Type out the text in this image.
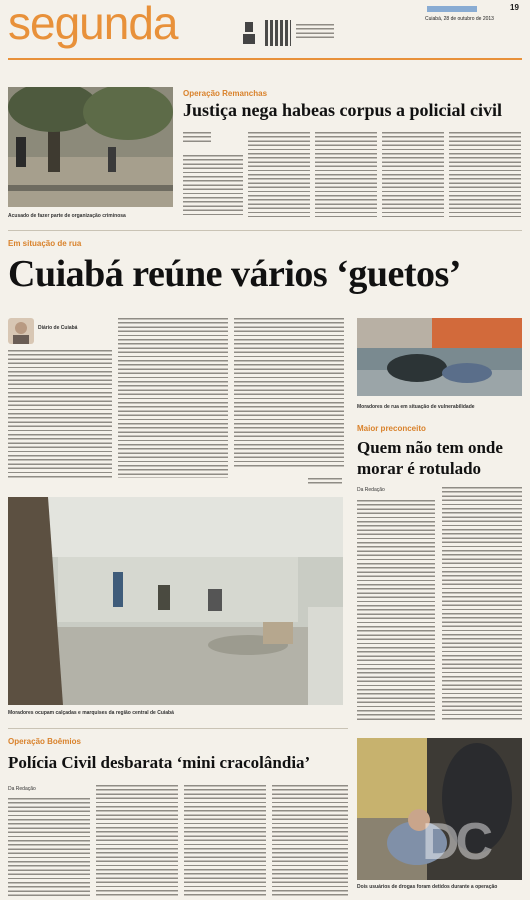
segunda	19
Cuiabá, 28 de outubro de 2013
Acusado de fazer parte de organização criminosa
Operação Remanchas
Justiça nega habeas corpus a policial civil
Em situação de rua
Cuiabá reúne vários ‘guetos’
Diário de Cuiabá
Moradores de rua em situação de vulnerabilidade
Moradores ocupam calçadas e marquises da região central de Cuiabá
Maior preconceito
Quem não tem onde
morar é rotulado
Da Redação
Operação Boêmios
Polícia Civil desbarata ‘mini cracolândia’
Da Redação
DC
Dois usuários de drogas foram detidos durante a operação
